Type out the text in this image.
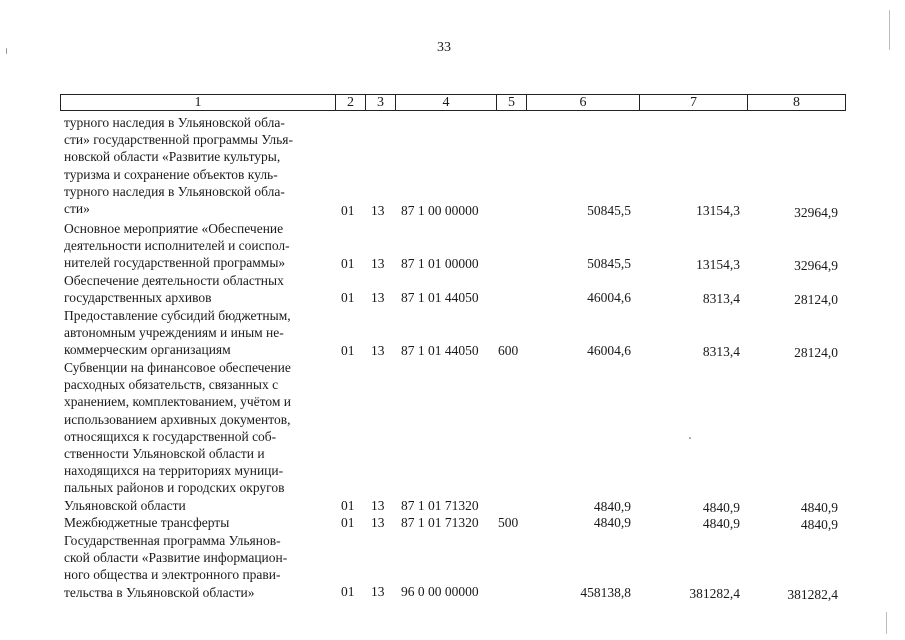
33
1	2	3	4	5	6	7	8
турного наследия в Ульяновской обла-
сти» государственной программы Улья-
новской области «Развитие культуры,
туризма и сохранение объектов куль-
турного наследия в Ульяновской обла-
сти»	01 13 87 1 00 00000	50845,5	13154,3	32964,9
Основное мероприятие «Обеспечение
деятельности исполнителей и соиспол-
нителей государственной программы»	01 13 87 1 01 00000	50845,5	13154,3	32964,9
Обеспечение деятельности областных
государственных архивов	01 13 87 1 01 44050	46004,6	8313,4	28124,0
Предоставление субсидий бюджетным,
автономным учреждениям и иным не-
коммерческим организациям	01 13 87 1 01 44050 600	46004,6	8313,4	28124,0
Субвенции на финансовое обеспечение
расходных обязательств, связанных с
хранением, комплектованием, учётом и
использованием архивных документов,
относящихся к государственной соб-
ственности Ульяновской области и
находящихся на территориях муници-
пальных районов и городских округов
Ульяновской области	01 13 87 1 01 71320	4840,9	4840,9	4840,9
Межбюджетные трансферты	01 13 87 1 01 71320 500	4840,9	4840,9	4840,9
Государственная программа Ульянов-
ской области «Развитие информацион-
ного общества и электронного прави-
тельства в Ульяновской области»	01 13 96 0 00 00000	458138,8	381282,4	381282,4
